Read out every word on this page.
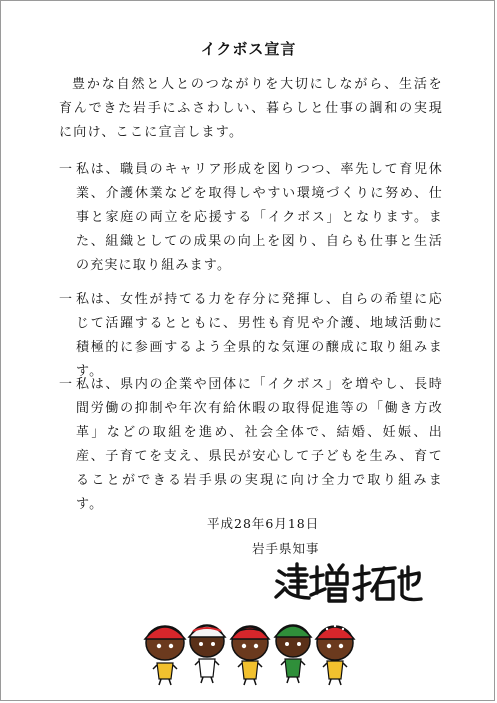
イクボス宣言
豊かな自然と人とのつながりを大切にしながら、生活を育んできた岩手にふさわしい、暮らしと仕事の調和の実現に向け、ここに宣言します。
一 私は、職員のキャリア形成を図りつつ、率先して育児休業、介護休業などを取得しやすい環境づくりに努め、仕事と家庭の両立を応援する「イクボス」となります。また、組織としての成果の向上を図り、自らも仕事と生活の充実に取り組みます。
一 私は、女性が持てる力を存分に発揮し、自らの希望に応じて活躍するとともに、男性も育児や介護、地域活動に積極的に参画するよう全県的な気運の醸成に取り組みます。
一 私は、県内の企業や団体に「イクボス」を増やし、長時間労働の抑制や年次有給休暇の取得促進等の「働き方改革」などの取組を進め、社会全体で、結婚、妊娠、出産、子育てを支え、県民が安心して子どもを生み、育てることができる岩手県の実現に向け全力で取り組みます。
平成28年6月18日
岩手県知事
